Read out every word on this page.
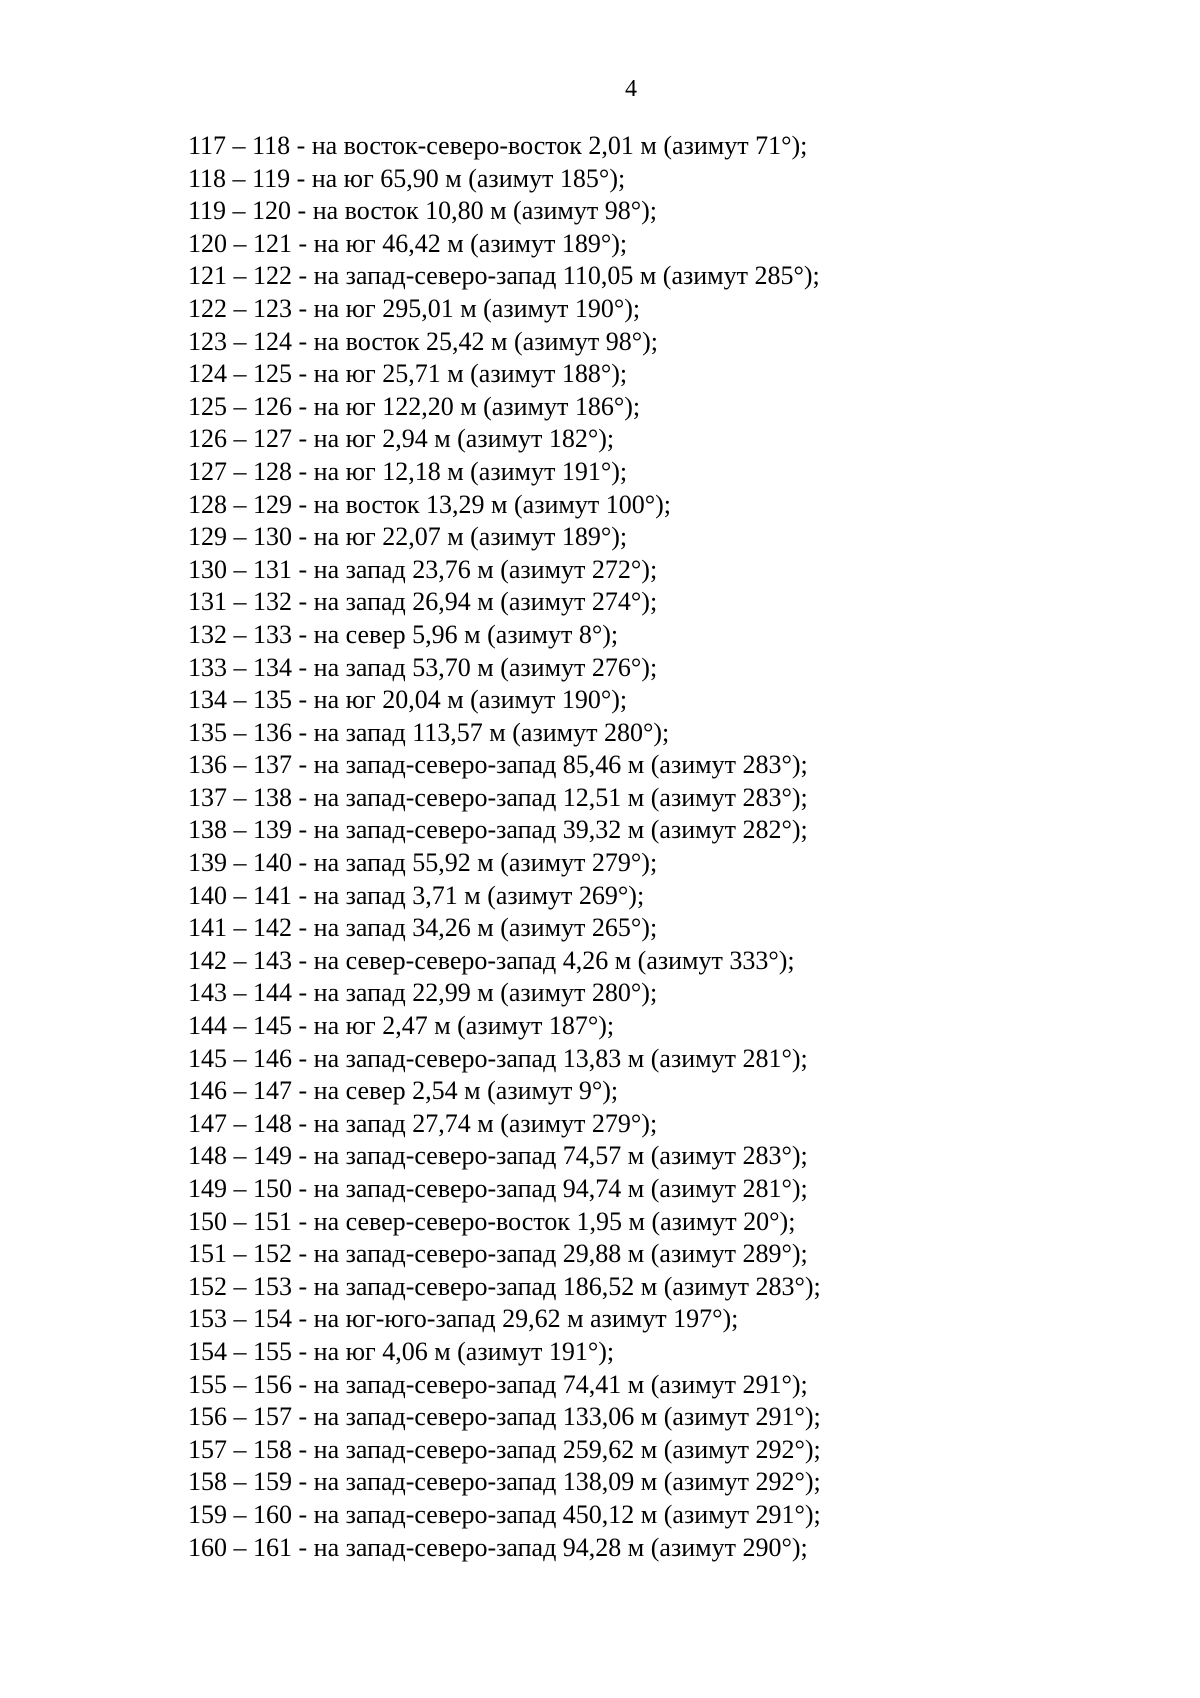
4
117 – 118 - на восток-северо-восток 2,01 м (азимут 71°);
118 – 119 - на юг 65,90 м (азимут 185°);
119 – 120 - на восток 10,80 м (азимут 98°);
120 – 121 - на юг 46,42 м (азимут 189°);
121 – 122 - на запад-северо-запад 110,05 м (азимут 285°);
122 – 123 - на юг 295,01 м (азимут 190°);
123 – 124 - на восток 25,42 м (азимут 98°);
124 – 125 - на юг 25,71 м (азимут 188°);
125 – 126 - на юг 122,20 м (азимут 186°);
126 – 127 - на юг 2,94 м (азимут 182°);
127 – 128 - на юг 12,18 м (азимут 191°);
128 – 129 - на восток 13,29 м (азимут 100°);
129 – 130 - на юг 22,07 м (азимут 189°);
130 – 131 - на запад 23,76 м (азимут 272°);
131 – 132 - на запад 26,94 м (азимут 274°);
132 – 133 - на север 5,96 м (азимут 8°);
133 – 134 - на запад 53,70 м (азимут 276°);
134 – 135 - на юг 20,04 м (азимут 190°);
135 – 136 - на запад 113,57 м (азимут 280°);
136 – 137 - на запад-северо-запад 85,46 м (азимут 283°);
137 – 138 - на запад-северо-запад 12,51 м (азимут 283°);
138 – 139 - на запад-северо-запад 39,32 м (азимут 282°);
139 – 140 - на запад 55,92 м (азимут 279°);
140 – 141 - на запад 3,71 м (азимут 269°);
141 – 142 - на запад 34,26 м (азимут 265°);
142 – 143 - на север-северо-запад 4,26 м (азимут 333°);
143 – 144 - на запад 22,99 м (азимут 280°);
144 – 145 - на юг 2,47 м (азимут 187°);
145 – 146 - на запад-северо-запад 13,83 м (азимут 281°);
146 – 147 - на север 2,54 м (азимут 9°);
147 – 148 - на запад 27,74 м (азимут 279°);
148 – 149 - на запад-северо-запад 74,57 м (азимут 283°);
149 – 150 - на запад-северо-запад 94,74 м (азимут 281°);
150 – 151 - на север-северо-восток 1,95 м (азимут 20°);
151 – 152 - на запад-северо-запад 29,88 м (азимут 289°);
152 – 153 - на запад-северо-запад 186,52 м (азимут 283°);
153 – 154 - на юг-юго-запад 29,62 м азимут 197°);
154 – 155 - на юг 4,06 м (азимут 191°);
155 – 156 - на запад-северо-запад 74,41 м (азимут 291°);
156 – 157 - на запад-северо-запад 133,06 м (азимут 291°);
157 – 158 - на запад-северо-запад 259,62 м (азимут 292°);
158 – 159 - на запад-северо-запад 138,09 м (азимут 292°);
159 – 160 - на запад-северо-запад 450,12 м (азимут 291°);
160 – 161 - на запад-северо-запад 94,28 м (азимут 290°);
